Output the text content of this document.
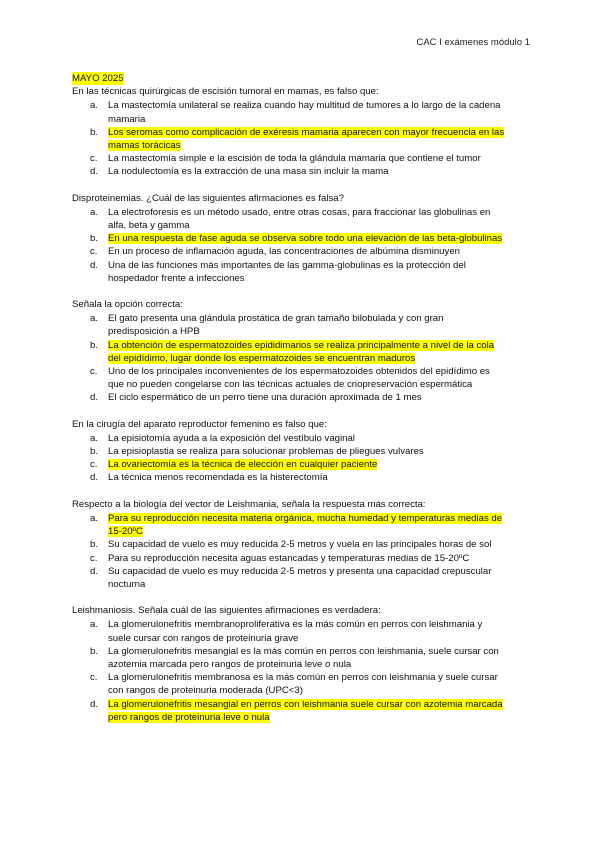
CAC I exámenes módulo 1
MAYO 2025

En las técnicas quirúrgicas de escisión tumoral en mamas, es falso que:

a. La mastectomía unilateral se realiza cuando hay multitud de tumores a lo largo de la cadena
mamaria
b. Los seromas como complicación de exéresis mamaria aparecen con mayor frecuencia en las
mamas torácicas
c. La mastectomía simple e la escisión de toda la glándula mamaria que contiene el tumor
d. La nodulectomía es la extracción de una masa sin incluir la mama

Disproteinemias. ¿Cuál de las siguientes afirmaciones es falsa?

a. La electroforesis es un método usado, entre otras cosas, para fraccionar las globulinas en
alfa, beta y gamma
b. En una respuesta de fase aguda se observa sobre todo una elevación de las beta-globulinas
c. En un proceso de inflamación aguda, las concentraciones de albúmina disminuyen
d. Una de las funciones más importantes de las gamma-globulinas es la protección del
hospedador frente a infecciones

Señala la opción correcta:

a. El gato presenta una glándula prostática de gran tamaño bilobulada y con gran
predisposición a HPB
b. La obtención de espermatozoides epididimarios se realiza principalmente a nivel de la cola
del epidídimo, lugar donde los espermatozoides se encuentran maduros
c. Uno de los principales inconvenientes de los espermatozoides obtenidos del epidídimo es
que no pueden congelarse con las técnicas actuales de criopreservación espermática
d. El ciclo espermático de un perro tiene una duración aproximada de 1 mes

En la cirugía del aparato reproductor femenino es falso que:

a. La episiotomía ayuda a la exposición del vestíbulo vaginal
b. La episioplastia se realiza para solucionar problemas de pliegues vulvares
c. La ovariectomía es la técnica de elección en cualquier paciente
d. La técnica menos recomendada es la histerectomía

Respecto a la biología del vector de Leishmania, señala la respuesta más correcta:

a. Para su reproducción necesita materia orgánica, mucha humedad y temperaturas medias de
15-20ºC
b. Su capacidad de vuelo es muy reducida 2-5 metros y vuela en las principales horas de sol
c. Para su reproducción necesita aguas estancadas y temperaturas medias de 15-20ºC
d. Su capacidad de vuelo es muy reducida 2-5 metros y presenta una capacidad crepuscular
nocturna

Leishmaniosis. Señala cuál de las siguientes afirmaciones es verdadera:

a. La glomerulonefritis membranoproliferativa es la más común en perros con leishmania y
suele cursar con rangos de proteinuria grave
b. La glomerulonefritis mesangial es la más común en perros con leishmania, suele cursar con
azotemia marcada pero rangos de proteinuria leve o nula
c. La glomerulonefritis membranosa es la más común en perros con leishmania y suele cursar
con rangos de proteinuria moderada (UPC<3)
d. La glomerulonefritis mesangial en perros con leishmania suele cursar con azotemia marcada
pero rangos de proteinuria leve o nula
